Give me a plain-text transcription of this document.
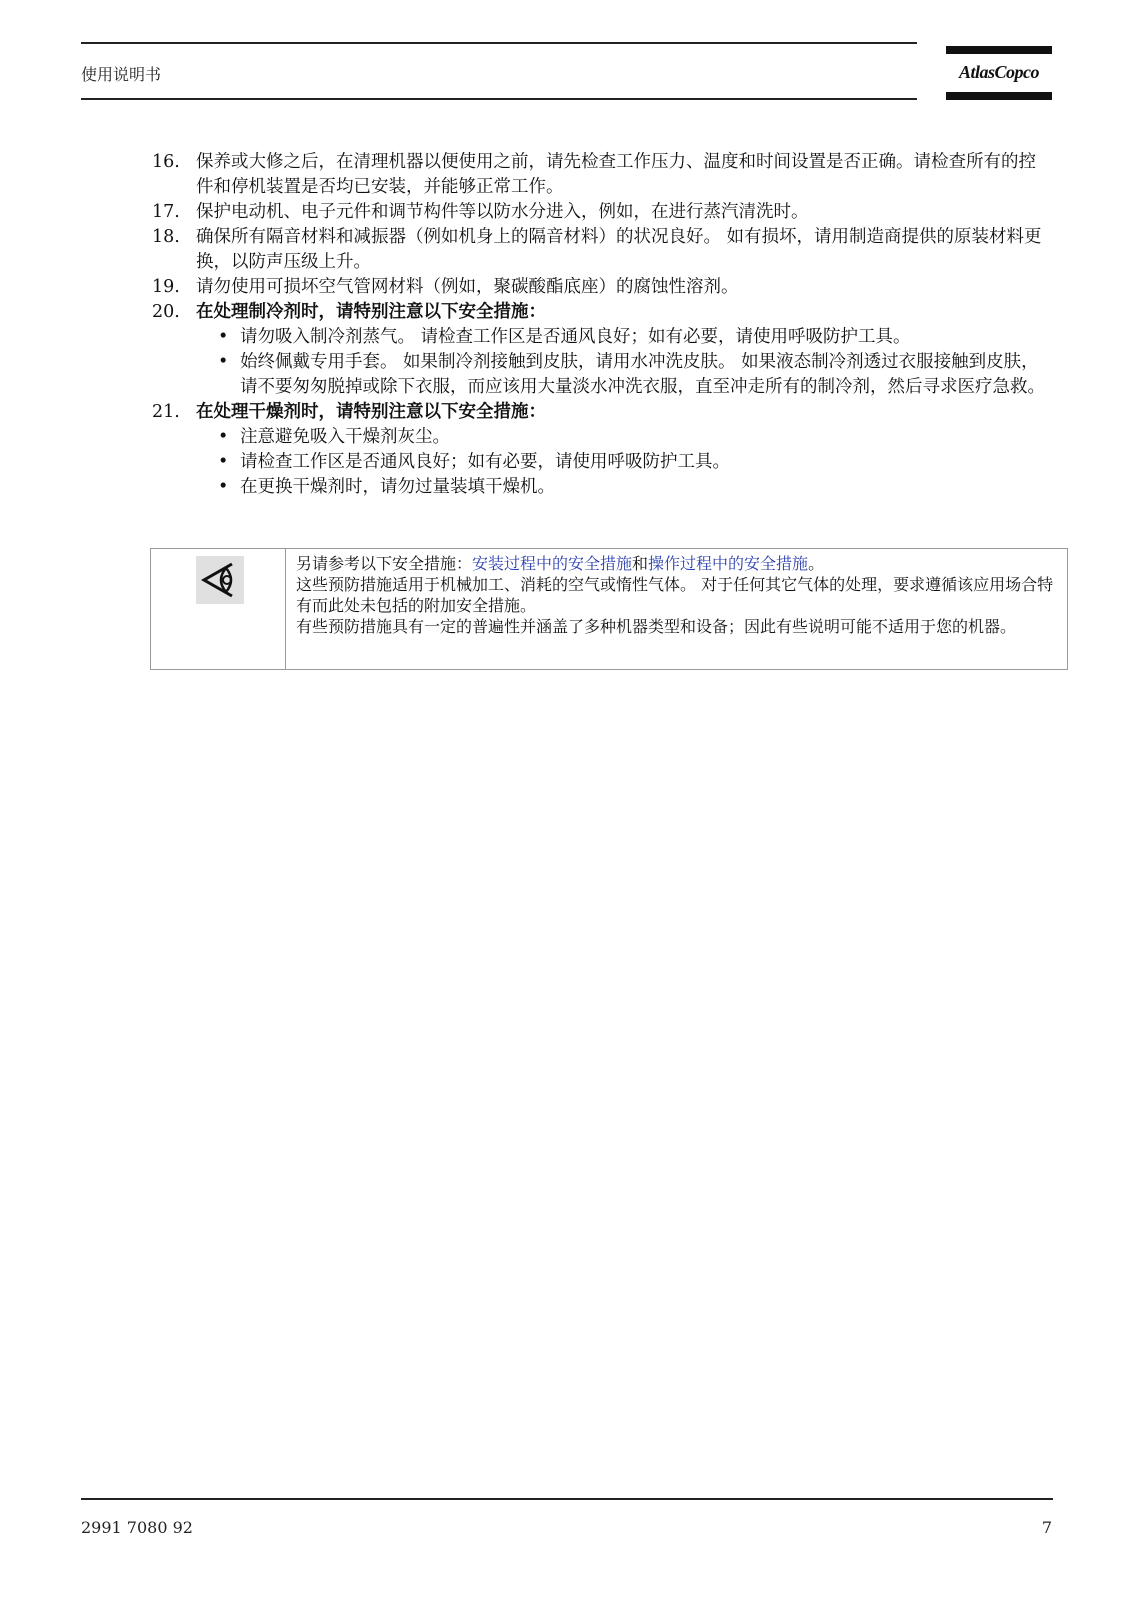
使用说明书	AtlasCopco
16. 保养或大修之后，在清理机器以便使用之前，请先检查工作压力、温度和时间设置是否正确。请检查所有的控件和停机装置是否均已安装，并能够正常工作。
17. 保护电动机、电子元件和调节构件等以防水分进入，例如，在进行蒸汽清洗时。
18. 确保所有隔音材料和减振器（例如机身上的隔音材料）的状况良好。 如有损坏，请用制造商提供的原装材料更换，以防声压级上升。
19. 请勿使用可损坏空气管网材料（例如，聚碳酸酯底座）的腐蚀性溶剂。
20. 在处理制冷剂时，请特别注意以下安全措施：
• 请勿吸入制冷剂蒸气。 请检查工作区是否通风良好；如有必要，请使用呼吸防护工具。
• 始终佩戴专用手套。 如果制冷剂接触到皮肤，请用水冲洗皮肤。 如果液态制冷剂透过衣服接触到皮肤，请不要匆匆脱掉或除下衣服，而应该用大量淡水冲洗衣服，直至冲走所有的制冷剂，然后寻求医疗急救。
21. 在处理干燥剂时，请特别注意以下安全措施：
• 注意避免吸入干燥剂灰尘。
• 请检查工作区是否通风良好；如有必要，请使用呼吸防护工具。
• 在更换干燥剂时，请勿过量装填干燥机。
另请参考以下安全措施：安装过程中的安全措施和操作过程中的安全措施。
这些预防措施适用于机械加工、消耗的空气或惰性气体。 对于任何其它气体的处理，要求遵循该应用场合特有而此处未包括的附加安全措施。
有些预防措施具有一定的普遍性并涵盖了多种机器类型和设备；因此有些说明可能不适用于您的机器。
2991 7080 92	7
